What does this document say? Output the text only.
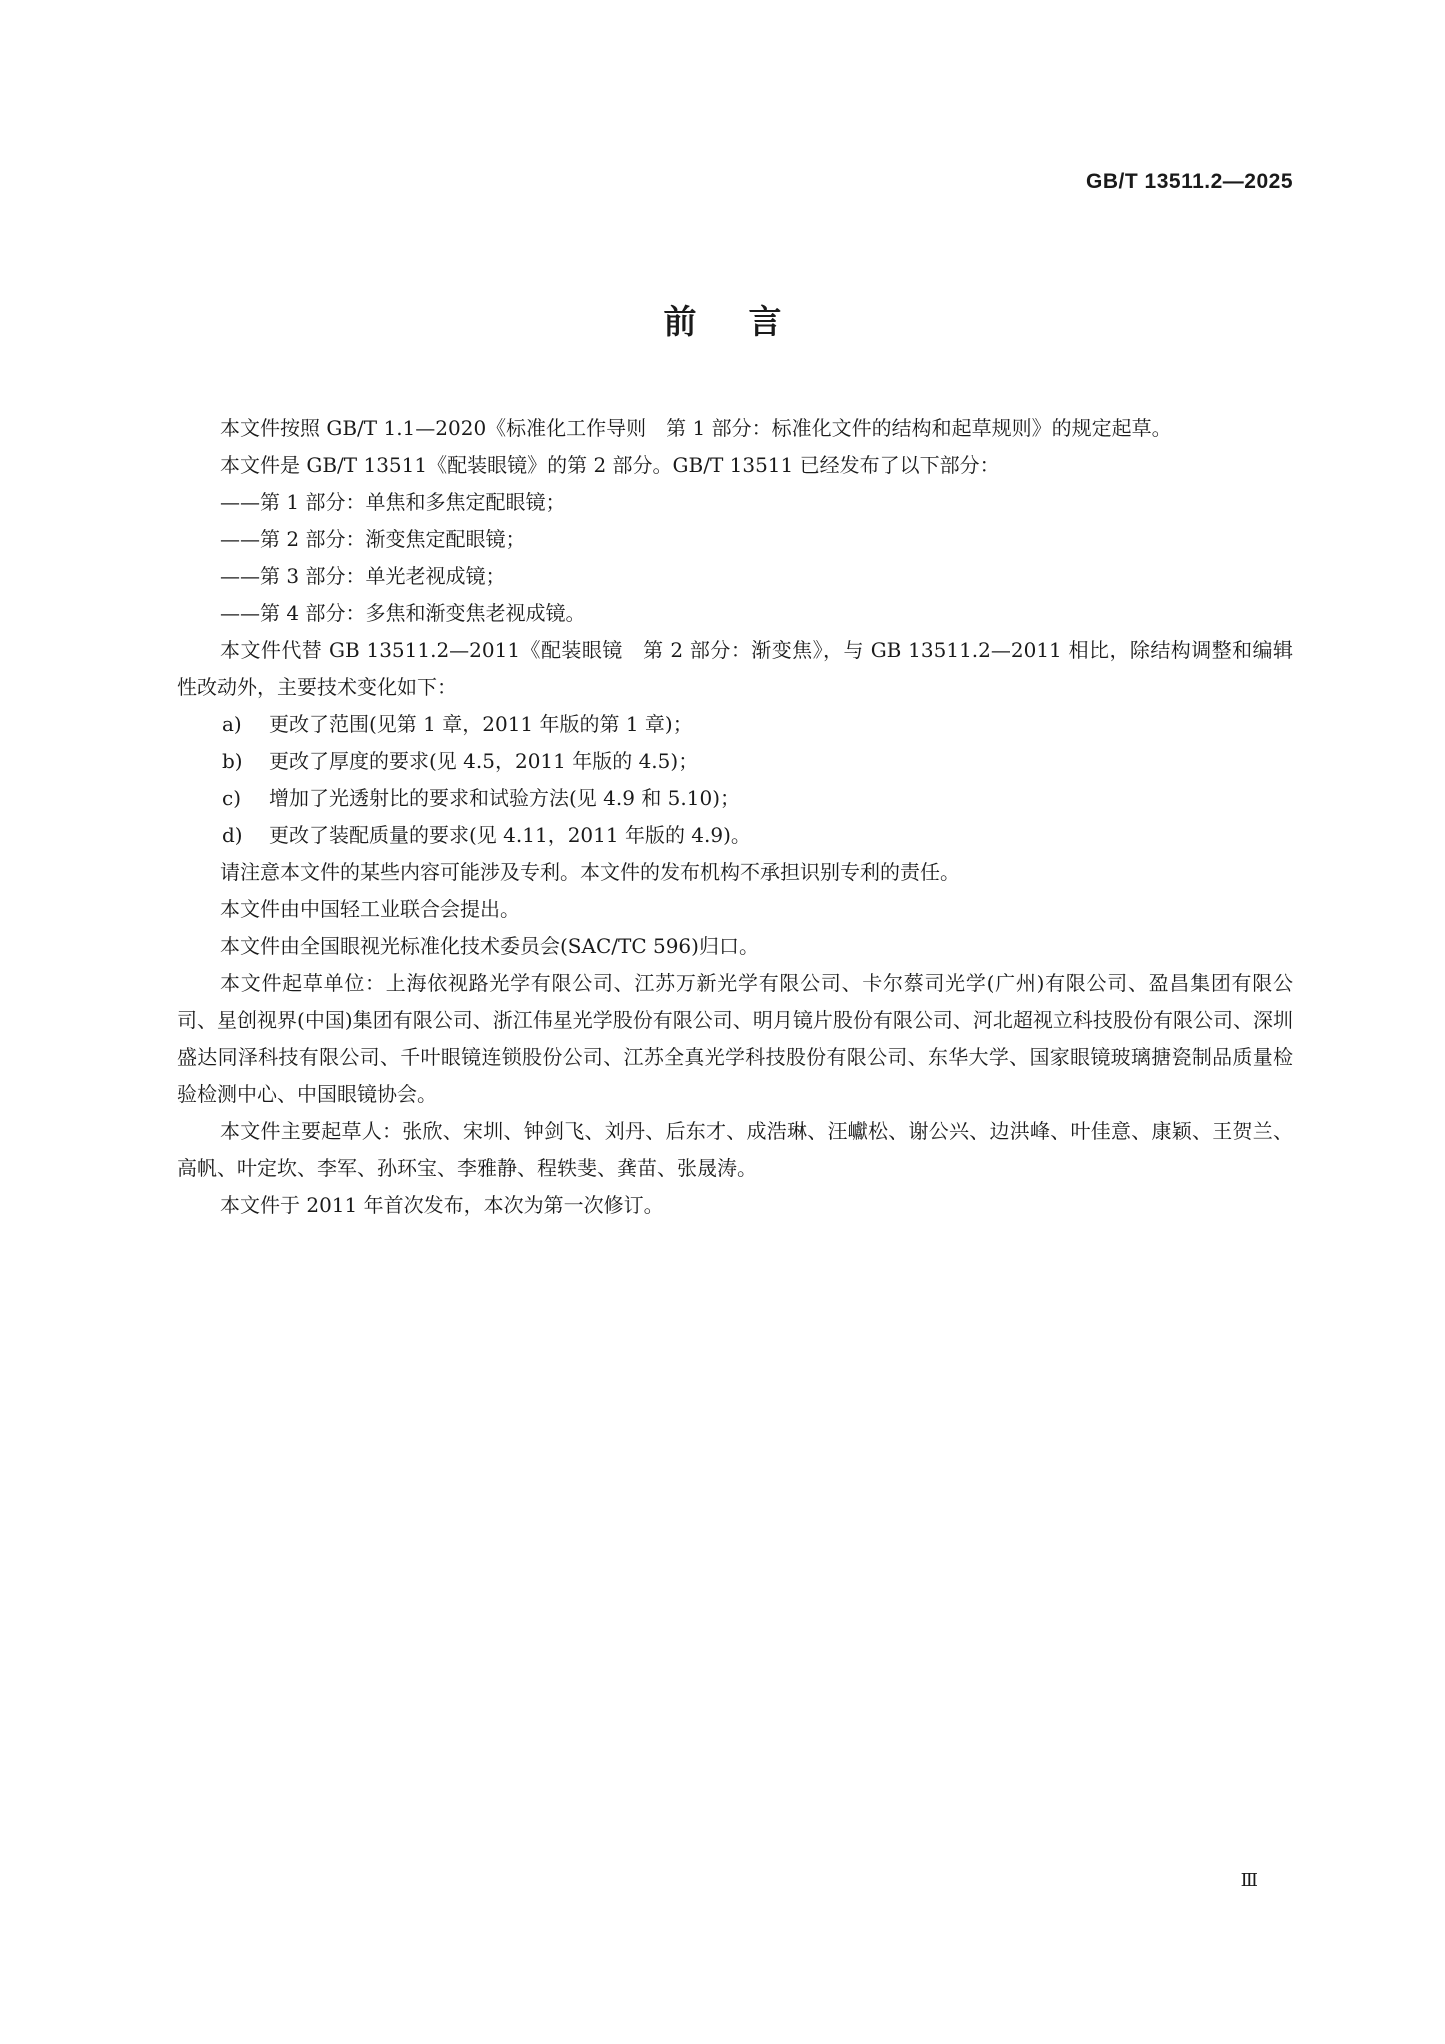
GB/T 13511.2—2025
前言

本文件按照 GB/T 1.1—2020《标准化工作导则　第 1 部分：标准化文件的结构和起草规则》的规定起草。

本文件是 GB/T 13511《配装眼镜》的第 2 部分。GB/T 13511 已经发布了以下部分：

——第 1 部分：单焦和多焦定配眼镜；

——第 2 部分：渐变焦定配眼镜；

——第 3 部分：单光老视成镜；

——第 4 部分：多焦和渐变焦老视成镜。

本文件代替 GB 13511.2—2011《配装眼镜　第 2 部分：渐变焦》，与 GB 13511.2—2011 相比，除结构调整和编辑性改动外，主要技术变化如下：

a)	更改了范围(见第 1 章，2011 年版的第 1 章)；

b)	更改了厚度的要求(见 4.5，2011 年版的 4.5)；

c)	增加了光透射比的要求和试验方法(见 4.9 和 5.10)；

d)	更改了装配质量的要求(见 4.11，2011 年版的 4.9)。

请注意本文件的某些内容可能涉及专利。本文件的发布机构不承担识别专利的责任。

本文件由中国轻工业联合会提出。

本文件由全国眼视光标准化技术委员会(SAC/TC 596)归口。

本文件起草单位：上海依视路光学有限公司、江苏万新光学有限公司、卡尔蔡司光学(广州)有限公司、盈昌集团有限公司、星创视界(中国)集团有限公司、浙江伟星光学股份有限公司、明月镜片股份有限公司、河北超视立科技股份有限公司、深圳盛达同泽科技有限公司、千叶眼镜连锁股份公司、江苏全真光学科技股份有限公司、东华大学、国家眼镜玻璃搪瓷制品质量检验检测中心、中国眼镜协会。

本文件主要起草人：张欣、宋圳、钟剑飞、刘丹、后东才、成浩琳、汪巘松、谢公兴、边洪峰、叶佳意、康颖、王贺兰、高帆、叶定坎、李军、孙环宝、李雅静、程轶斐、龚苗、张晟涛。

本文件于 2011 年首次发布，本次为第一次修订。

Ⅲ
